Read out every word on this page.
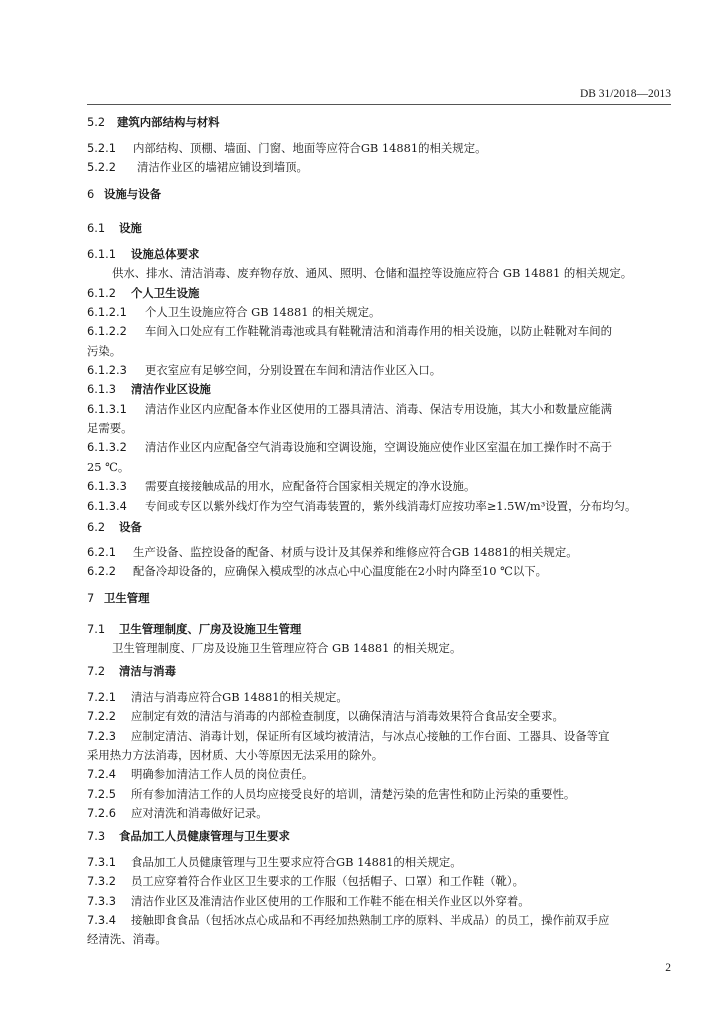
DB 31/2018—2013
5.2 建筑内部结构与材料
5.2.1 内部结构、顶棚、墙面、门窗、地面等应符合GB 14881的相关规定。
5.2.2 清洁作业区的墙裙应铺设到墙顶。
6 设施与设备
6.1 设施
6.1.1 设施总体要求
供水、排水、清洁消毒、废弃物存放、通风、照明、仓储和温控等设施应符合 GB 14881 的相关规定。
6.1.2 个人卫生设施
6.1.2.1 个人卫生设施应符合 GB 14881 的相关规定。
6.1.2.2 车间入口处应有工作鞋靴消毒池或具有鞋靴清洁和消毒作用的相关设施，以防止鞋靴对车间的
污染。
6.1.2.3 更衣室应有足够空间，分别设置在车间和清洁作业区入口。
6.1.3 清洁作业区设施
6.1.3.1 清洁作业区内应配备本作业区使用的工器具清洁、消毒、保洁专用设施，其大小和数量应能满
足需要。
6.1.3.2 清洁作业区内应配备空气消毒设施和空调设施，空调设施应使作业区室温在加工操作时不高于
25 ℃。
6.1.3.3 需要直接接触成品的用水，应配备符合国家相关规定的净水设施。
6.1.3.4 专间或专区以紫外线灯作为空气消毒装置的，紫外线消毒灯应按功率≥1.5W/m³设置，分布均匀。
6.2 设备
6.2.1 生产设备、监控设备的配备、材质与设计及其保养和维修应符合GB 14881的相关规定。
6.2.2 配备冷却设备的，应确保入模成型的冰点心中心温度能在2小时内降至10 ℃以下。
7 卫生管理
7.1 卫生管理制度、厂房及设施卫生管理
卫生管理制度、厂房及设施卫生管理应符合 GB 14881 的相关规定。
7.2 清洁与消毒
7.2.1 清洁与消毒应符合GB 14881的相关规定。
7.2.2 应制定有效的清洁与消毒的内部检查制度，以确保清洁与消毒效果符合食品安全要求。
7.2.3 应制定清洁、消毒计划，保证所有区域均被清洁，与冰点心接触的工作台面、工器具、设备等宜
采用热力方法消毒，因材质、大小等原因无法采用的除外。
7.2.4 明确参加清洁工作人员的岗位责任。
7.2.5 所有参加清洁工作的人员均应接受良好的培训，清楚污染的危害性和防止污染的重要性。
7.2.6 应对清洗和消毒做好记录。
7.3 食品加工人员健康管理与卫生要求
7.3.1 食品加工人员健康管理与卫生要求应符合GB 14881的相关规定。
7.3.2 员工应穿着符合作业区卫生要求的工作服（包括帽子、口罩）和工作鞋（靴）。
7.3.3 清洁作业区及准清洁作业区使用的工作服和工作鞋不能在相关作业区以外穿着。
7.3.4 接触即食食品（包括冰点心成品和不再经加热熟制工序的原料、半成品）的员工，操作前双手应
经清洗、消毒。
2
